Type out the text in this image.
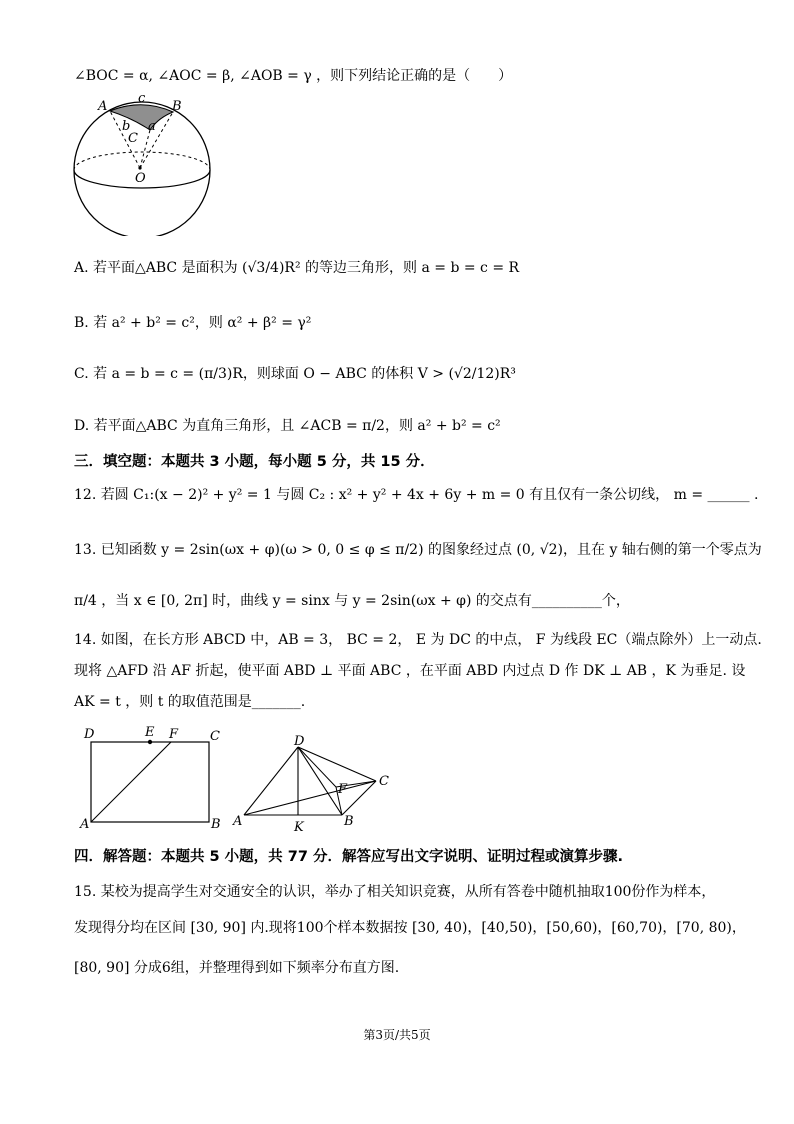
∠BOC = α, ∠AOC = β, ∠AOB = γ ，则下列结论正确的是（　　）
A	B
c
b a
C
O
A. 若平面△ABC 是面积为 (√3/4)R² 的等边三角形，则 a = b = c = R
B. 若 a² + b² = c²，则 α² + β² = γ²
C. 若 a = b = c = (π/3)R，则球面 O − ABC 的体积 V > (√2/12)R³
D. 若平面△ABC 为直角三角形，且 ∠ACB = π/2，则 a² + b² = c²
三．填空题：本题共 3 小题，每小题 5 分，共 15 分．
12. 若圆 C₁:(x − 2)² + y² = 1 与圆 C₂ : x² + y² + 4x + 6y + m = 0 有且仅有一条公切线， m = ______ .
13. 已知函数 y = 2sin(ωx + φ)(ω > 0, 0 ≤ φ ≤ π/2) 的图象经过点 (0, √2)，且在 y 轴右侧的第一个零点为
π/4 ，当 x ∈ [0, 2π] 时，曲线 y = sinx 与 y = 2sin(ωx + φ) 的交点有__________个，
14. 如图，在长方形 ABCD 中，AB = 3， BC = 2， E 为 DC 的中点， F 为线段 EC（端点除外）上一动点.
现将 △AFD 沿 AF 折起，使平面 ABD ⊥ 平面 ABC ，在平面 ABD 内过点 D 作 DK ⊥ AB ，K 为垂足. 设
AK = t ，则 t 的取值范围是_______.
D	E F C
A	B
D
F
C
A	K	B
四．解答题：本题共 5 小题，共 77 分．解答应写出文字说明、证明过程或演算步骤.
15. 某校为提高学生对交通安全的认识，举办了相关知识竞赛，从所有答卷中随机抽取100份作为样本，
发现得分均在区间 [30, 90] 内.现将100个样本数据按 [30, 40)，[40,50)，[50,60)，[60,70)，[70, 80)，
[80, 90] 分成6组，并整理得到如下频率分布直方图.
第3页/共5页
